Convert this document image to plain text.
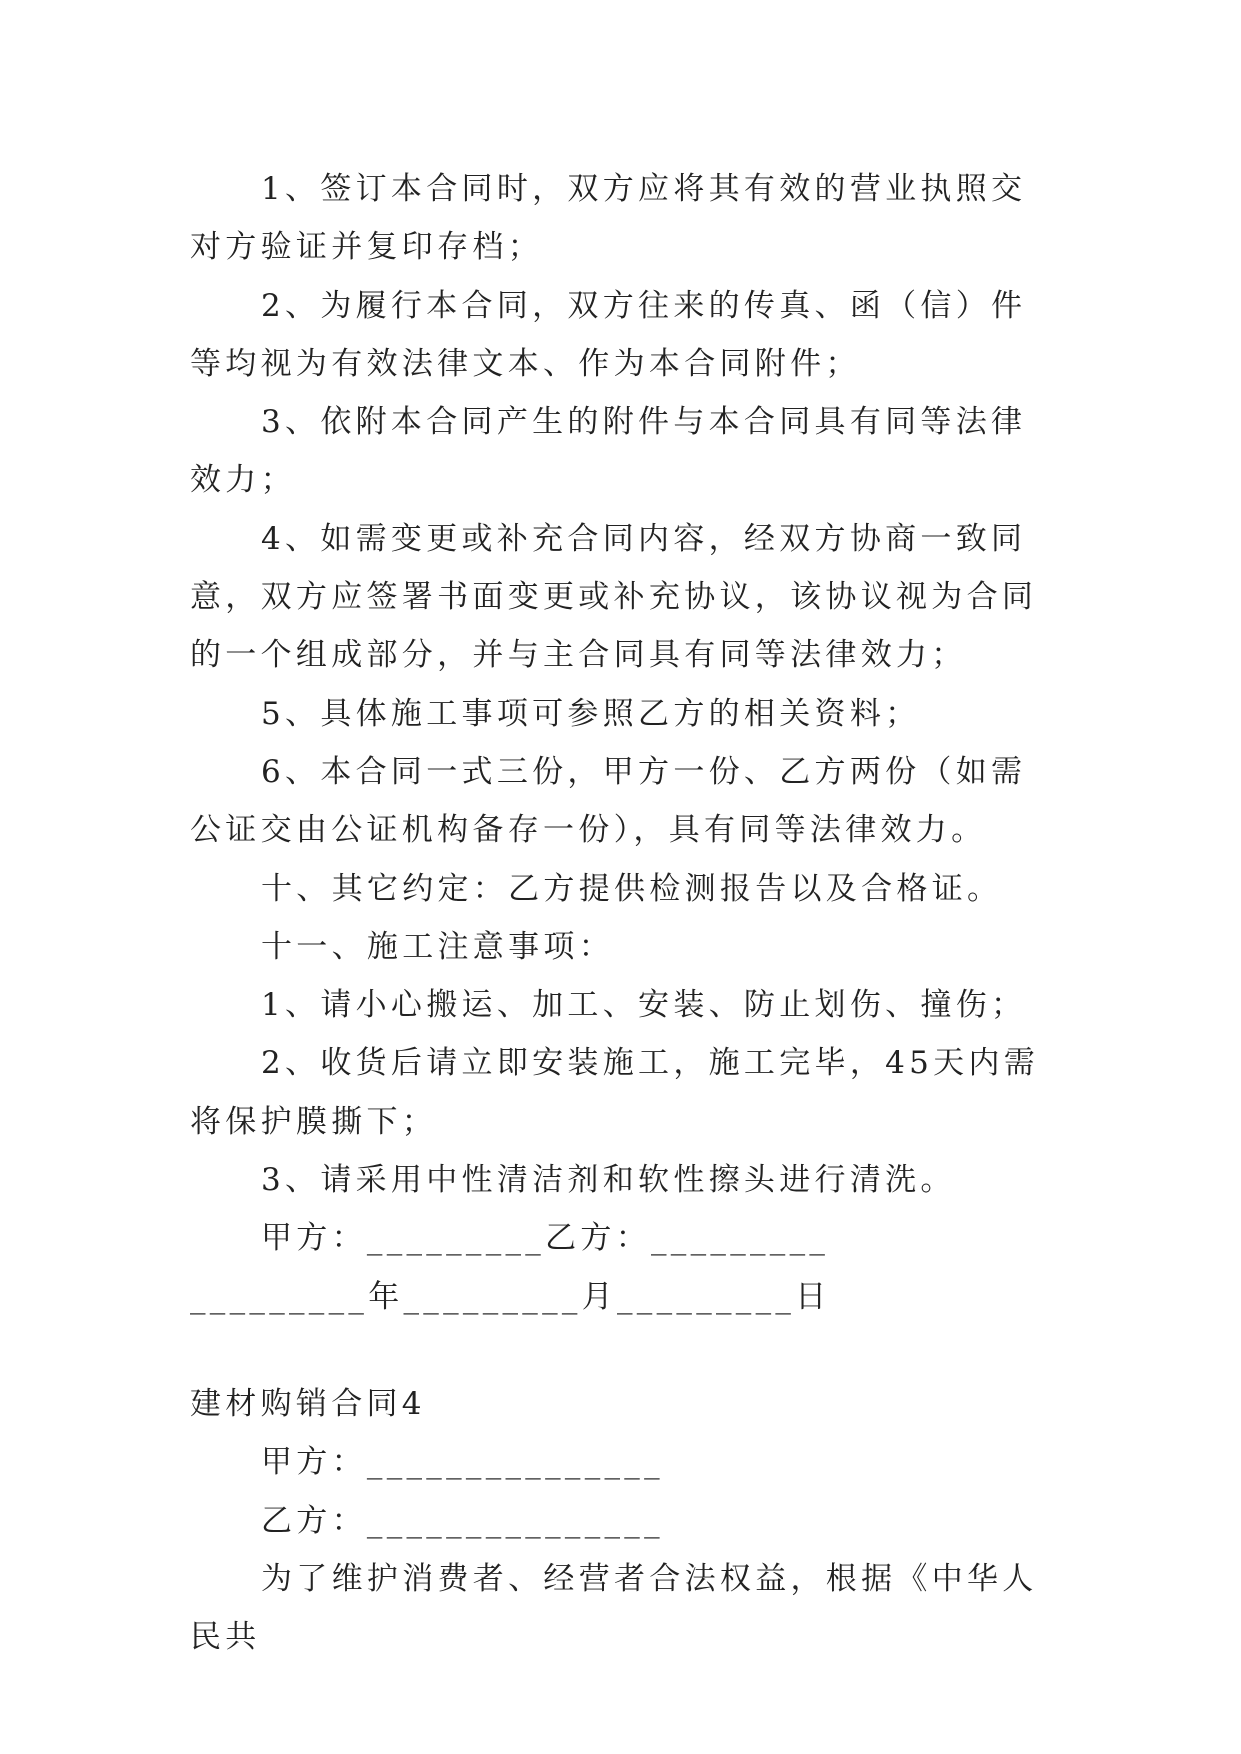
1、签订本合同时，双方应将其有效的营业执照交对方验证并复印存档；

2、为履行本合同，双方往来的传真、函（信）件等均视为有效法律文本、作为本合同附件；

3、依附本合同产生的附件与本合同具有同等法律效力；

4、如需变更或补充合同内容，经双方协商一致同意，双方应签署书面变更或补充协议，该协议视为合同的一个组成部分，并与主合同具有同等法律效力；

5、具体施工事项可参照乙方的相关资料；

6、本合同一式三份，甲方一份、乙方两份（如需公证交由公证机构备存一份），具有同等法律效力。

十、其它约定：乙方提供检测报告以及合格证。

十一、施工注意事项：

1、请小心搬运、加工、安装、防止划伤、撞伤；

2、收货后请立即安装施工，施工完毕，45天内需将保护膜撕下；

3、请采用中性清洁剂和软性擦头进行清洗。

甲方：_________乙方：_________

_________年_________月_________日

建材购销合同4

甲方：_______________

乙方：_______________

为了维护消费者、经营者合法权益，根据《中华人民共
